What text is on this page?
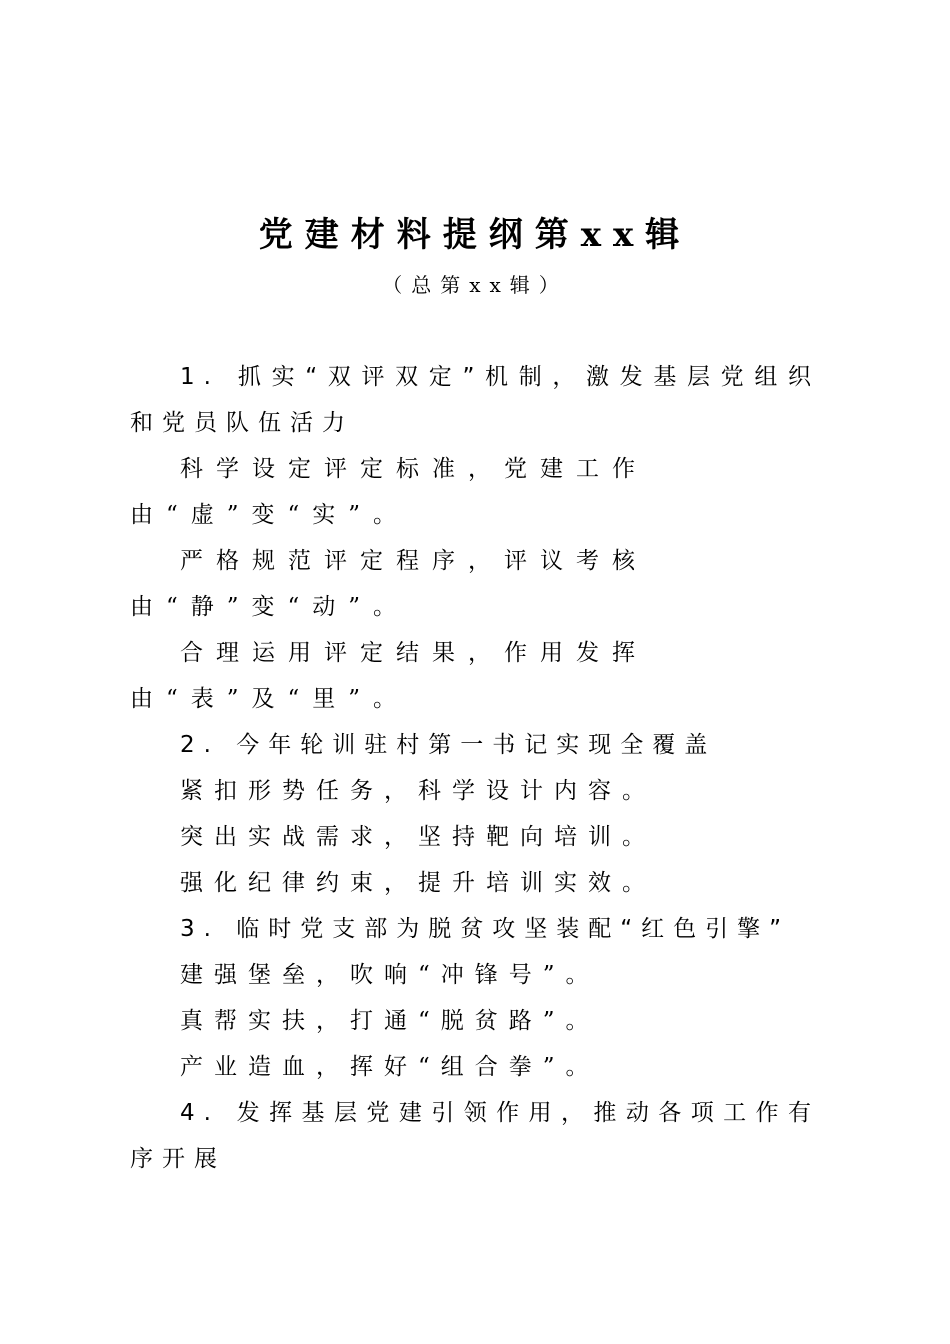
党建材料提纲第xx辑
（总第xx辑）

1. 抓实“双评双定”机制，激发基层党组织和党员队伍活力

科学设定评定标准，党建工作由“虚”变“实”。

严格规范评定程序，评议考核由“静”变“动”。

合理运用评定结果，作用发挥由“表”及“里”。

2. 今年轮训驻村第一书记实现全覆盖

紧扣形势任务，科学设计内容。

突出实战需求，坚持靶向培训。

强化纪律约束，提升培训实效。

3. 临时党支部为脱贫攻坚装配“红色引擎”

建强堡垒，吹响“冲锋号”。

真帮实扶，打通“脱贫路”。

产业造血，挥好“组合拳”。

4. 发挥基层党建引领作用，推动各项工作有序开展
